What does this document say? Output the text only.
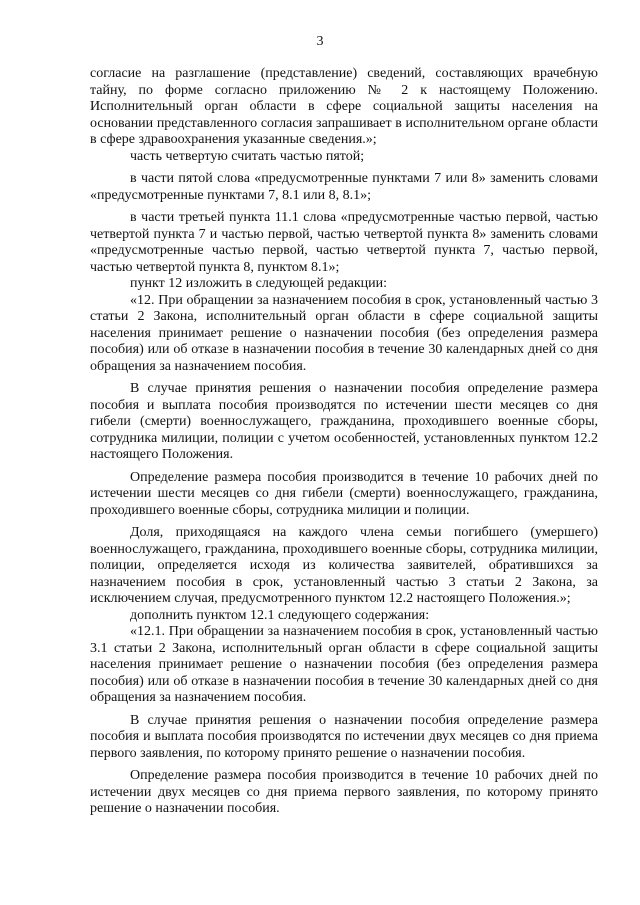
3

согласие на разглашение (представление) сведений, составляющих врачебную тайну, по форме согласно приложению № 2 к настоящему Положению. Исполнительный орган области в сфере социальной защиты населения на основании представленного согласия запрашивает в исполнительном органе области в сфере здравоохранения указанные сведения.»;

часть четвертую считать частью пятой;

в части пятой слова «предусмотренные пунктами 7 или 8» заменить словами «предусмотренные пунктами 7, 8.1 или 8, 8.1»;

в части третьей пункта 11.1 слова «предусмотренные частью первой, частью четвертой пункта 7 и частью первой, частью четвертой пункта 8» заменить словами «предусмотренные частью первой, частью четвертой пункта 7, частью первой, частью четвертой пункта 8, пунктом 8.1»;

пункт 12 изложить в следующей редакции:

«12. При обращении за назначением пособия в срок, установленный частью 3 статьи 2 Закона, исполнительный орган области в сфере социальной защиты населения принимает решение о назначении пособия (без определения размера пособия) или об отказе в назначении пособия в течение 30 календарных дней со дня обращения за назначением пособия.

В случае принятия решения о назначении пособия определение размера пособия и выплата пособия производятся по истечении шести месяцев со дня гибели (смерти) военнослужащего, гражданина, проходившего военные сборы, сотрудника милиции, полиции с учетом особенностей, установленных пунктом 12.2 настоящего Положения.

Определение размера пособия производится в течение 10 рабочих дней по истечении шести месяцев со дня гибели (смерти) военнослужащего, гражданина, проходившего военные сборы, сотрудника милиции и полиции.

Доля, приходящаяся на каждого члена семьи погибшего (умершего) военнослужащего, гражданина, проходившего военные сборы, сотрудника милиции, полиции, определяется исходя из количества заявителей, обратившихся за назначением пособия в срок, установленный частью 3 статьи 2 Закона, за исключением случая, предусмотренного пунктом 12.2 настоящего Положения.»;

дополнить пунктом 12.1 следующего содержания:

«12.1. При обращении за назначением пособия в срок, установленный частью 3.1 статьи 2 Закона, исполнительный орган области в сфере социальной защиты населения принимает решение о назначении пособия (без определения размера пособия) или об отказе в назначении пособия в течение 30 календарных дней со дня обращения за назначением пособия.

В случае принятия решения о назначении пособия определение размера пособия и выплата пособия производятся по истечении двух месяцев со дня приема первого заявления, по которому принято решение о назначении пособия.

Определение размера пособия производится в течение 10 рабочих дней по истечении двух месяцев со дня приема первого заявления, по которому принято решение о назначении пособия.
